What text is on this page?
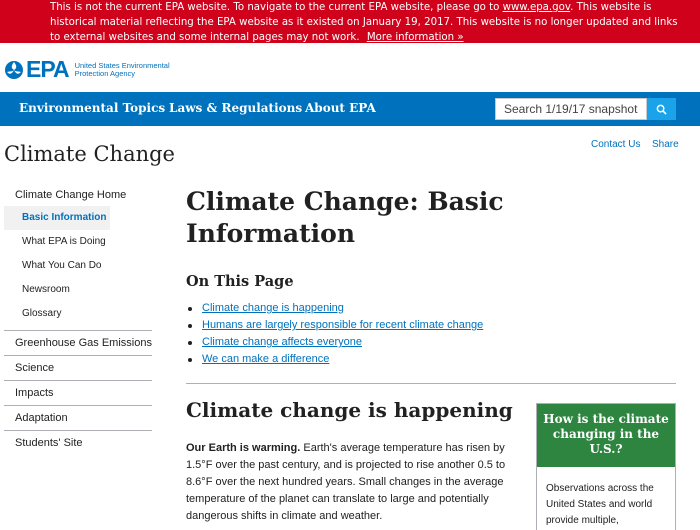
This is not the current EPA website. To navigate to the current EPA website, please go to www.epa.gov. This website is historical material reflecting the EPA website as it existed on January 19, 2017. This website is no longer updated and links to external websites and some internal pages may not work. More information »
EPA United States Environmental Protection Agency
Environmental Topics Laws & Regulations About EPA	Search 1/19/17 snapshot
Climate Change	Contact Us Share
Climate Change Home
Basic Information
What EPA is Doing
What You Can Do
Newsroom
Glossary
Greenhouse Gas Emissions
Science
Impacts
Adaptation
Students' Site
Climate Change: Basic Information
On This Page
Climate change is happening
Humans are largely responsible for recent climate change
Climate change affects everyone
We can make a difference
Climate change is happening

Our Earth is warming. Earth's average temperature has risen by 1.5°F over the past century, and is projected to rise another 0.5 to 8.6°F over the next hundred years. Small changes in the average temperature of the planet can translate to large and potentially dangerous shifts in climate and weather.

How is the climate changing in the U.S.?
Observations across the United States and world provide multiple,
